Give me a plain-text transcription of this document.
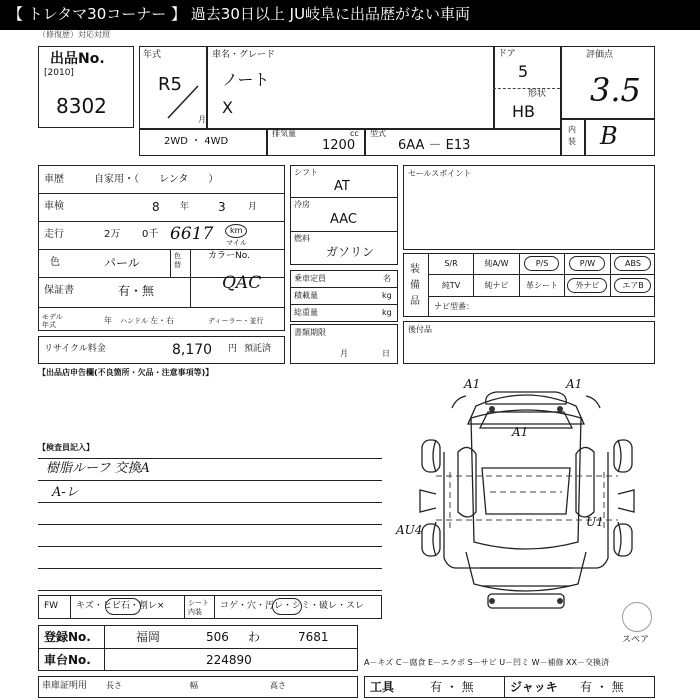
【 トレタマ30コーナー 】 過去30日以上 JU岐阜に出品歴がない車両
（修復歴）対応対照
出品No.
[2010]
8302
年式
R5
月
車名・グレード
ノート
X
ドア
5
形状
HB
評価点
3.5
内装 B
2WD ・ 4WD
排気量	cc
1200
型式
6AA － E13
車歴	自家用・（　　レンタ　　）
車検	8 年 3 月
走行	2万 0千 6617 km
マイル
色	パール	色替
カラーNo.
QAC
保証書	有・無
モデル年式	年 ハンドル 左・右	ディーラー・並行
リサイクル料金	8,170 円 預託済
シフト
AT
冷房
AAC
燃料
ガソリン
乗車定員	名
積載量	kg
総重量	kg
書類期限
月	日
セールスポイント
装備品
S/R	純A/W	P/S	P/W	ABS
純TV	純ナビ	革シート	外ナビ	エアB
ナビ型番：
後付品
【出品店申告欄(不良箇所・欠品・注意事項等)】
【検査員記入】
樹脂ルーフ 交換A
A-レ
A1	A1
A1
AU4
U1
スペア
FW キズ・ヒビ石・割レ×	シート内装
コゲ・穴・汚レ・シミ・破レ・スレ
登録No.	福岡	506 わ	7681
車台No.	224890	A－キズ C－腐食 E－エクボ S－サビ U－凹ミ W－補修 XX－交換済
車庫証明用 長さ	幅	高さ	工具	有 ・ 無	ジャッキ 有 ・ 無
